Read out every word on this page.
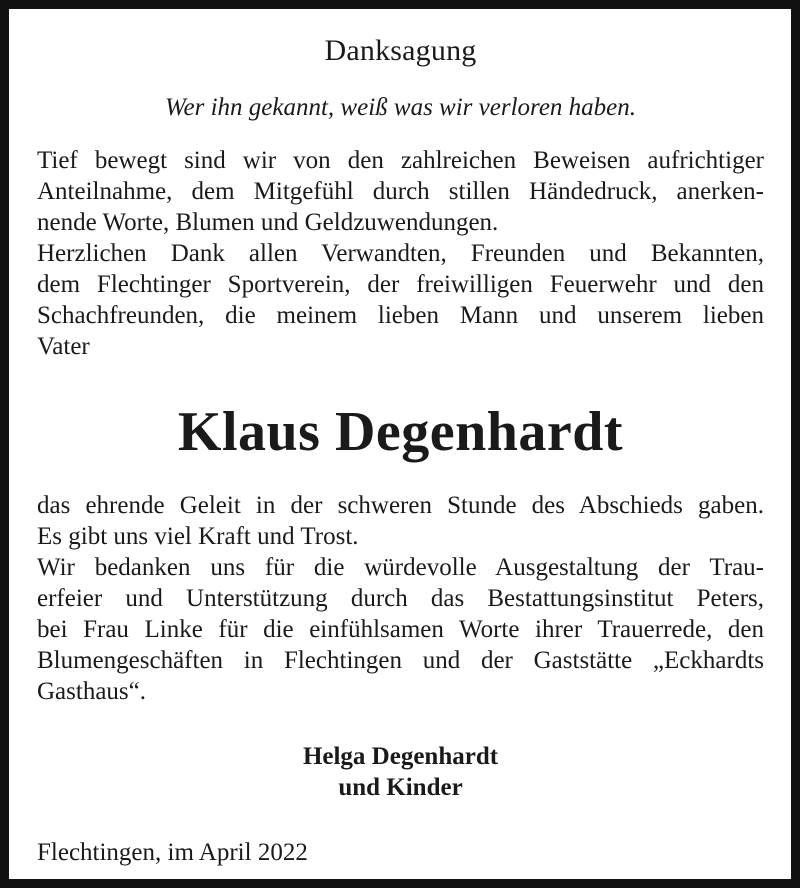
Danksagung
Wer ihn gekannt, weiß was wir verloren haben.
Tief bewegt sind wir von den zahlreichen Beweisen aufrichtiger
Anteilnahme, dem Mitgefühl durch stillen Händedruck, anerken-
nende Worte, Blumen und Geldzuwendungen.
Herzlichen Dank allen Verwandten, Freunden und Bekannten,
dem Flechtinger Sportverein, der freiwilligen Feuerwehr und den
Schachfreunden, die meinem lieben Mann und unserem lieben
Vater
Klaus Degenhardt
das ehrende Geleit in der schweren Stunde des Abschieds gaben.
Es gibt uns viel Kraft und Trost.
Wir bedanken uns für die würdevolle Ausgestaltung der Trau-
erfeier und Unterstützung durch das Bestattungsinstitut Peters,
bei Frau Linke für die einfühlsamen Worte ihrer Trauerrede, den
Blumengeschäften in Flechtingen und der Gaststätte „Eckhardts
Gasthaus“.
Helga Degenhardt
und Kinder
Flechtingen, im April 2022
